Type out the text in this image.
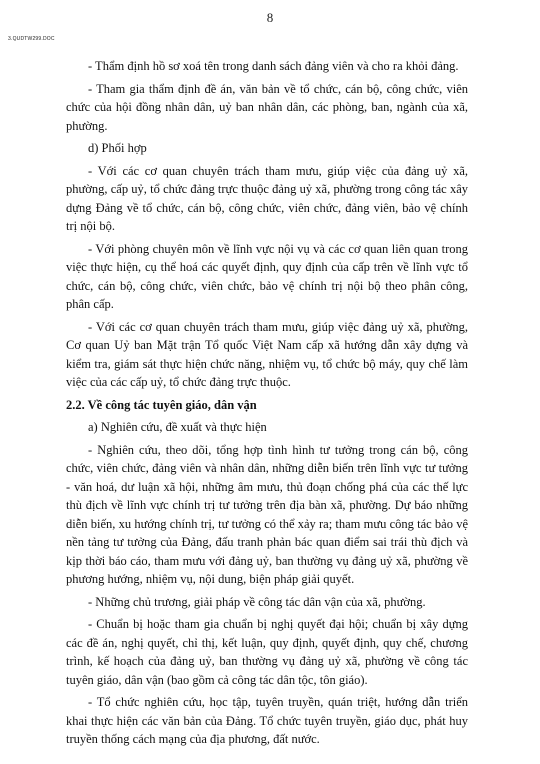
3.QUDTW299.DOC
8

- Thẩm định hồ sơ xoá tên trong danh sách đảng viên và cho ra khỏi đảng.

- Tham gia thẩm định đề án, văn bản về tổ chức, cán bộ, công chức, viên chức của hội đồng nhân dân, uỷ ban nhân dân, các phòng, ban, ngành của xã, phường.

d) Phối hợp

- Với các cơ quan chuyên trách tham mưu, giúp việc của đảng uỷ xã, phường, cấp uỷ, tổ chức đảng trực thuộc đảng uỷ xã, phường trong công tác xây dựng Đảng về tổ chức, cán bộ, công chức, viên chức, đảng viên, bảo vệ chính trị nội bộ.

- Với phòng chuyên môn về lĩnh vực nội vụ và các cơ quan liên quan trong việc thực hiện, cụ thể hoá các quyết định, quy định của cấp trên về lĩnh vực tổ chức, cán bộ, công chức, viên chức, bảo vệ chính trị nội bộ theo phân công, phân cấp.

- Với các cơ quan chuyên trách tham mưu, giúp việc đảng uỷ xã, phường, Cơ quan Uỷ ban Mặt trận Tổ quốc Việt Nam cấp xã hướng dẫn xây dựng và kiểm tra, giám sát thực hiện chức năng, nhiệm vụ, tổ chức bộ máy, quy chế làm việc của các cấp uỷ, tổ chức đảng trực thuộc.

2.2. Về công tác tuyên giáo, dân vận

a) Nghiên cứu, đề xuất và thực hiện

- Nghiên cứu, theo dõi, tổng hợp tình hình tư tưởng trong cán bộ, công chức, viên chức, đảng viên và nhân dân, những diễn biến trên lĩnh vực tư tưởng - văn hoá, dư luận xã hội, những âm mưu, thủ đoạn chống phá của các thế lực thù địch về lĩnh vực chính trị tư tưởng trên địa bàn xã, phường. Dự báo những diễn biến, xu hướng chính trị, tư tưởng có thể xảy ra; tham mưu công tác bảo vệ nền tảng tư tưởng của Đảng, đấu tranh phản bác quan điểm sai trái thù địch và kịp thời báo cáo, tham mưu với đảng uỷ, ban thường vụ đảng uỷ xã, phường về phương hướng, nhiệm vụ, nội dung, biện pháp giải quyết.

- Những chủ trương, giải pháp về công tác dân vận của xã, phường.

- Chuẩn bị hoặc tham gia chuẩn bị nghị quyết đại hội; chuẩn bị xây dựng các đề án, nghị quyết, chỉ thị, kết luận, quy định, quyết định, quy chế, chương trình, kế hoạch của đảng uỷ, ban thường vụ đảng uỷ xã, phường về công tác tuyên giáo, dân vận (bao gồm cả công tác dân tộc, tôn giáo).

- Tổ chức nghiên cứu, học tập, tuyên truyền, quán triệt, hướng dẫn triển khai thực hiện các văn bản của Đảng. Tổ chức tuyên truyền, giáo dục, phát huy truyền thống cách mạng của địa phương, đất nước.
